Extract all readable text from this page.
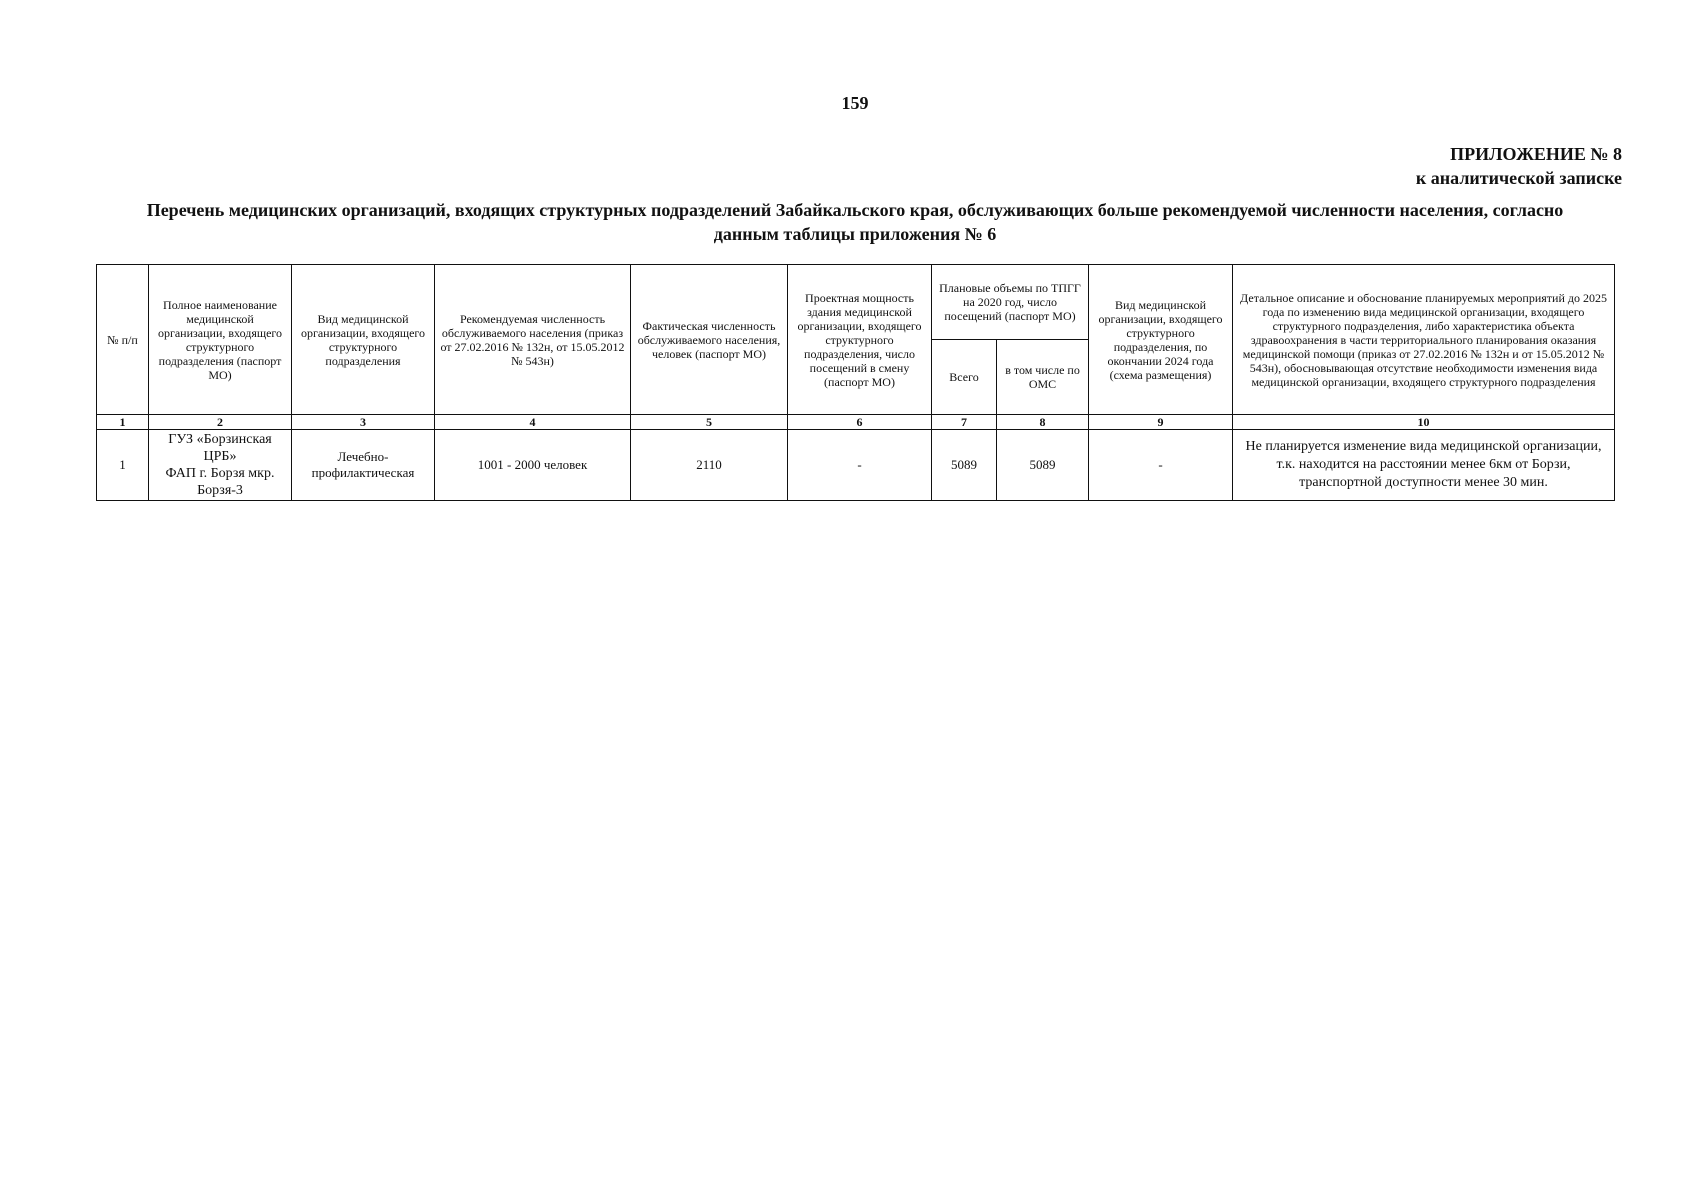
159
ПРИЛОЖЕНИЕ № 8
к аналитической записке
Перечень медицинских организаций, входящих структурных подразделений Забайкальского края, обслуживающих больше рекомендуемой численности населения, согласно
данным таблицы приложения № 6
№ п/п	Полное наименование медицинской организации, входящего структурного подразделения (паспорт МО)	Вид медицинской организации, входящего структурного подразделения	Рекомендуемая численность обслуживаемого населения (приказ от 27.02.2016 № 132н, от 15.05.2012 № 543н)	Фактическая численность обслуживаемого населения, человек (паспорт МО)	Проектная мощность здания медицинской организации, входящего структурного подразделения, число посещений в смену (паспорт МО)	Плановые объемы по ТПГГ на 2020 год, число посещений (паспорт МО)		Вид медицинской организации, входящего структурного подразделения, по окончании 2024 года (схема размещения)	Детальное описание и обоснование планируемых мероприятий до 2025 года по изменению вида медицинской организации, входящего структурного подразделения, либо характеристика объекта здравоохранения в части территориального планирования оказания медицинской помощи (приказ от 27.02.2016 № 132н и от 15.05.2012 № 543н), обосновывающая отсутствие необходимости изменения вида медицинской организации, входящего структурного подразделения
						Всего	в том числе по ОМС		
1	2	3	4	5	6	7	8	9	10
1	ГУЗ «Борзинская ЦРБ»
ФАП г. Борзя мкр. Борзя-3	Лечебно-профилактическая	1001 - 2000 человек	2110	-	5089	5089	-	Не планируется изменение вида медицинской организации, т.к. находится на расстоянии менее 6км от Борзи, транспортной доступности менее 30 мин.
